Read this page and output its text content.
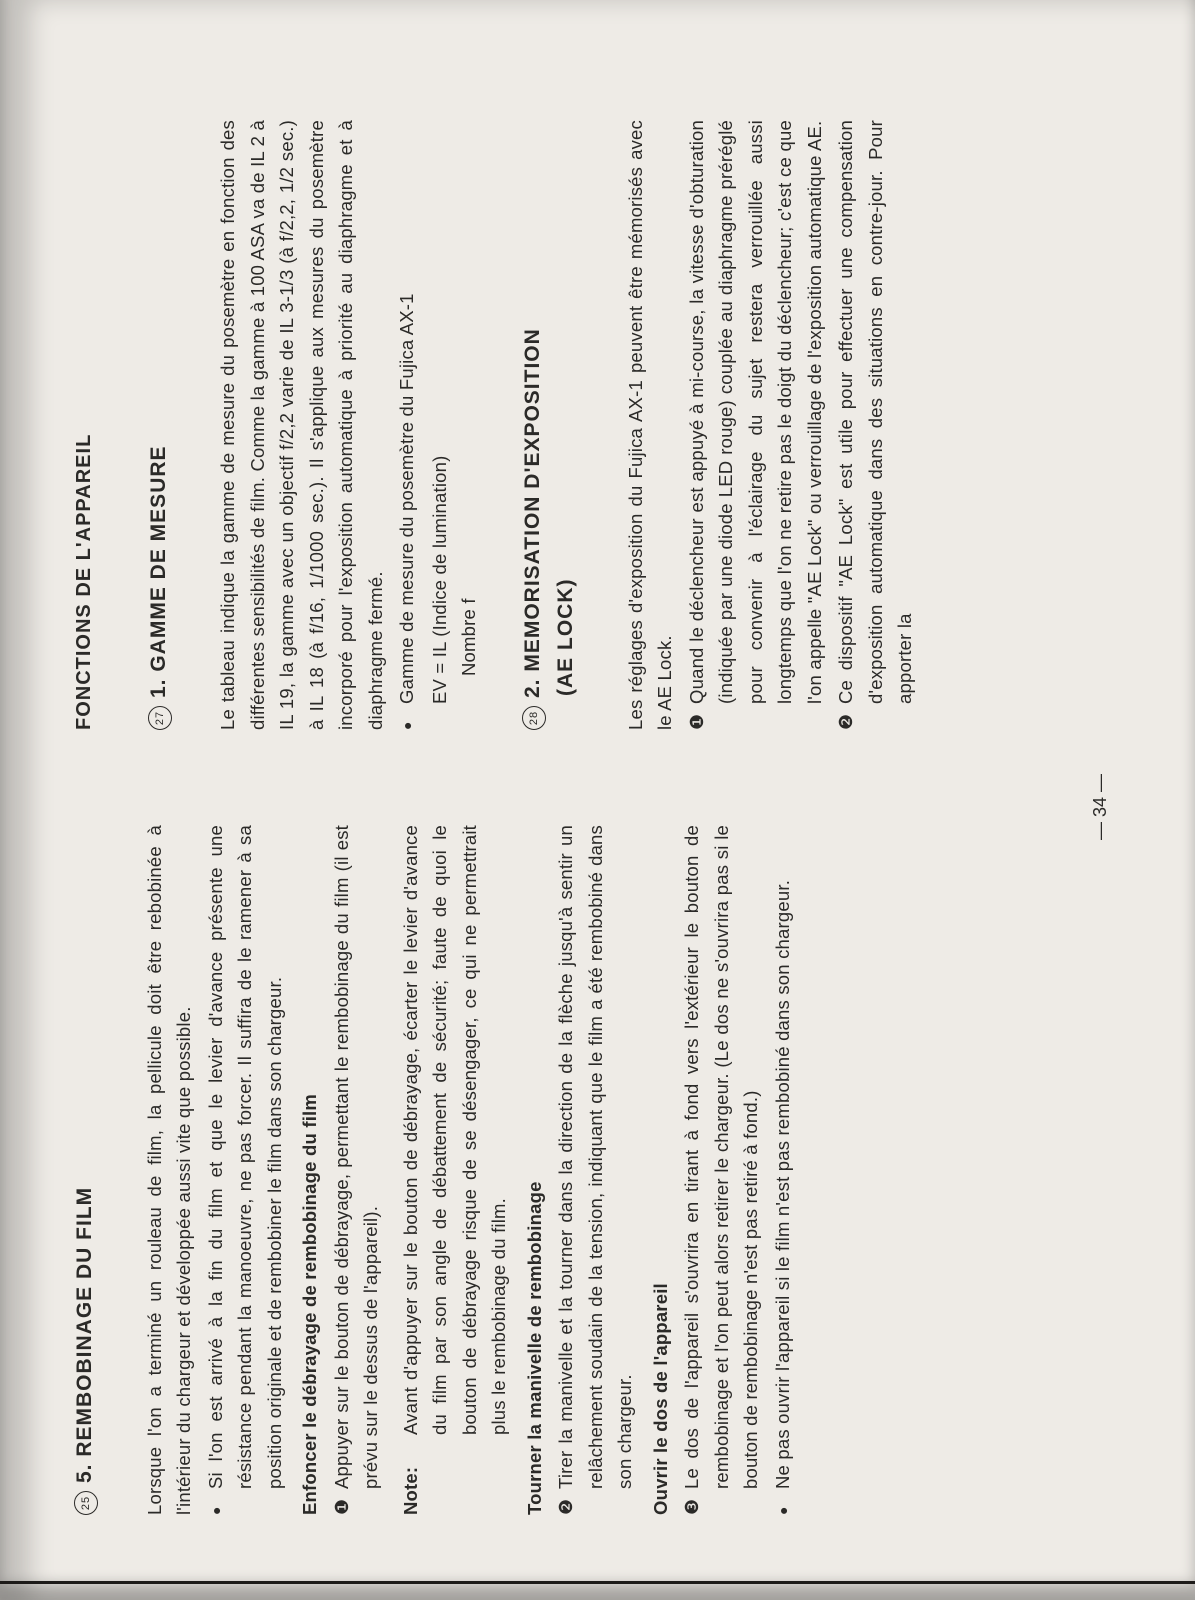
255. REMBOBINAGE DU FILM	Lorsque l'on a terminé un rouleau de film, la pellicule doit être rebobinée à l'intérieur du chargeur et développée aussi vite que possible. ●
Si l'on est arrivé à la fin du film et que le levier d'avance présente une résistance pendant la manoeuvre, ne pas forcer. Il suffira de le ramener à sa position originale et de rembobiner le film dans son chargeur. Enfoncer le débrayage de rembobinage du film ❶
Appuyer sur le bouton de débrayage, permettant le rembobinage du film (il est prévu sur le dessus de l'appareil).
Note:
Avant d'appuyer sur le bouton de débrayage, écarter le levier d'avance du film par son angle de débattement de sécurité; faute de quoi le bouton de débrayage risque de se désengager, ce qui ne permettrait plus le rembobinage du film. Tourner la manivelle de rembobinage ❷
Tirer la manivelle et la tourner dans la direction de la flèche jusqu'à sentir un relâchement soudain de la tension, indiquant que le film a été rembobiné dans son chargeur. Ouvrir le dos de l'appareil ❸
Le dos de l'appareil s'ouvrira en tirant à fond vers l'extérieur le bouton de rembobinage et l'on peut alors retirer le chargeur. (Le dos ne s'ouvrira pas si le bouton de rembobinage n'est pas retiré à fond.)
●
Ne pas ouvrir l'appareil si le film n'est pas rembobiné dans son chargeur.
FONCTIONS DE L'APPAREIL	271. GAMME DE MESURE	Le tableau indique la gamme de mesure du posemètre en fonction des différentes sensibilités de film. Comme la gamme à 100 ASA va de IL 2 à IL 19, la gamme avec un objectif f/2,2 varie de IL 3-1/3 (à f/2,2, 1/2 sec.) à IL 18 (à f/16, 1/1000 sec.). Il s'applique aux mesures du posemètre incorporé pour l'exposition automatique à priorité au diaphragme et à diaphragme fermé. ●
Gamme de mesure du posemètre du Fujica AX-1 EV = IL (Indice de lumination) Nombre f
282. MEMORISATION D'EXPOSITION (AE LOCK)	Les réglages d'exposition du Fujica AX-1 peuvent être mémorisés avec le AE Lock. ❶
Quand le déclencheur est appuyé à mi-course, la vitesse d'obturation (indiquée par une diode LED rouge) couplée au diaphragme préréglé pour convenir à l'éclairage du sujet restera verrouillée aussi longtemps que l'on ne retire pas le doigt du déclencheur; c'est ce que l'on appelle "AE Lock" ou verrouillage de l'exposition automatique AE.
❷
Ce dispositif "AE Lock" est utile pour effectuer une compensation d'exposition automatique dans des situations en contre-jour. Pour apporter la
— 34 —
